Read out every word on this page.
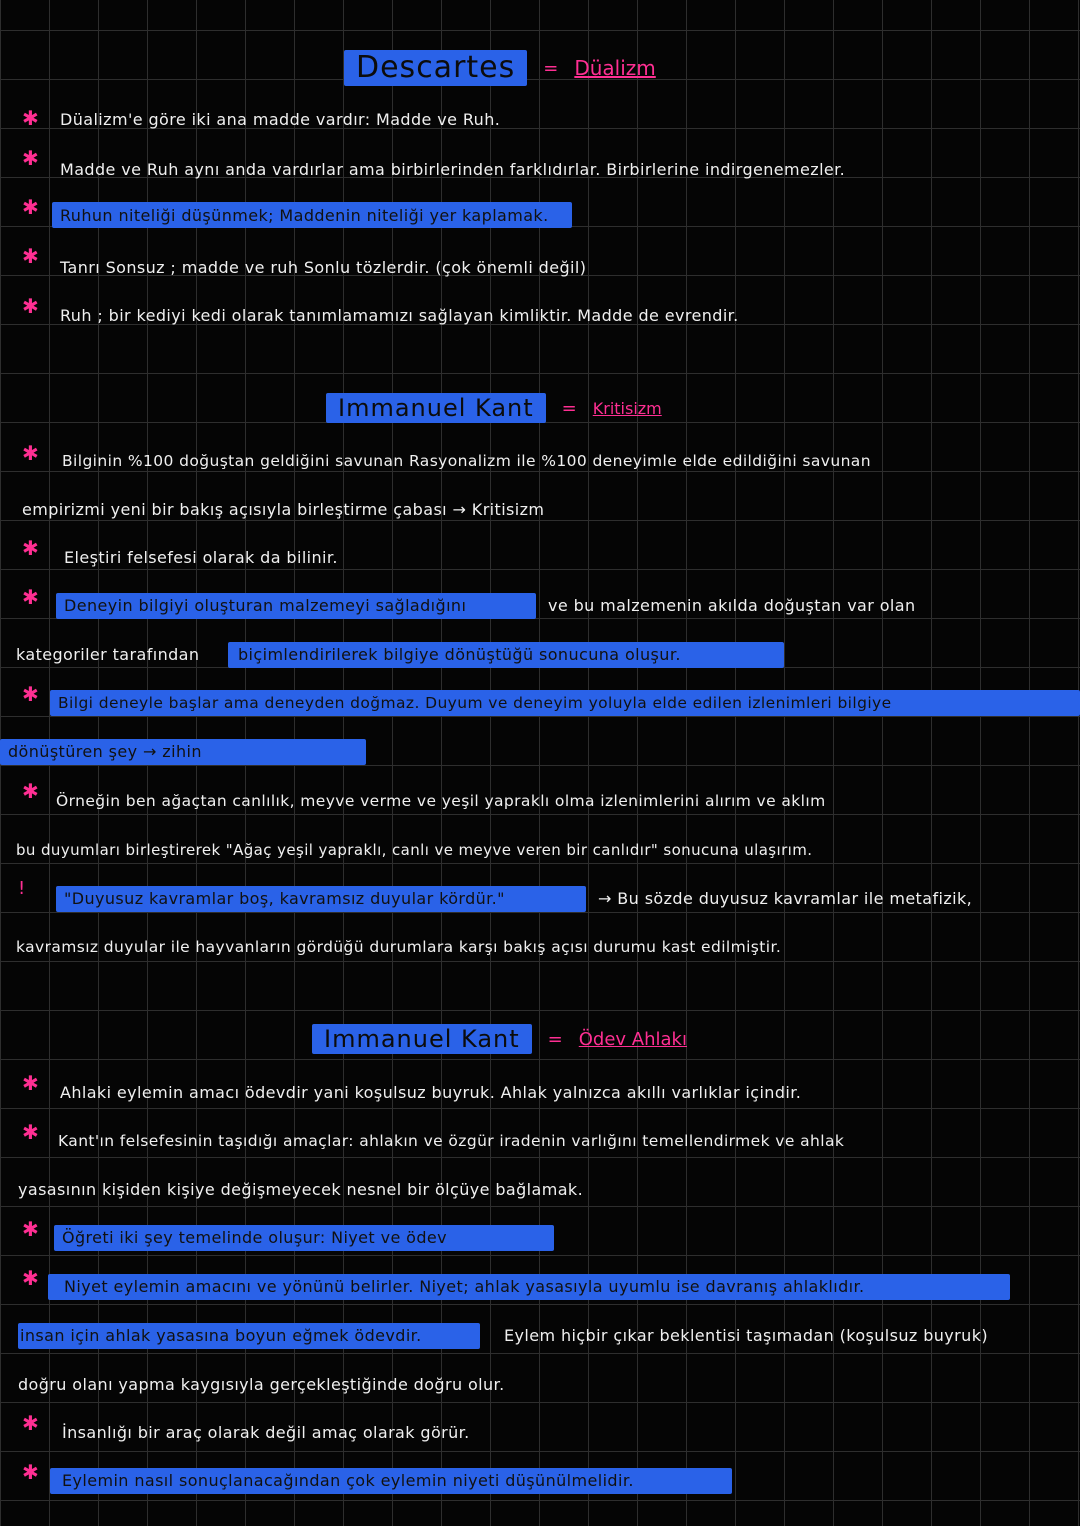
Descartes	= Düalizm
✱ Düalizm'e göre iki ana madde vardır: Madde ve Ruh.
✱ Madde ve Ruh aynı anda vardırlar ama birbirlerinden farklıdırlar. Birbirlerine indirgenemezler.
✱ Ruhun niteliği düşünmek; Maddenin niteliği yer kaplamak.
✱ Tanrı Sonsuz ; madde ve ruh Sonlu tözlerdir. (çok önemli değil)
✱ Ruh ; bir kediyi kedi olarak tanımlamamızı sağlayan kimliktir. Madde de evrendir.
Immanuel Kant	= Kritisizm
✱ Bilginin %100 doğuştan geldiğini savunan Rasyonalizm ile %100 deneyimle elde edildiğini savunan
empirizmi yeni bir bakış açısıyla birleştirme çabası → Kritisizm
✱ Eleştiri felsefesi olarak da bilinir.
✱ Deneyin bilgiyi oluşturan malzemeyi sağladığını	ve bu malzemenin akılda doğuştan var olan
kategoriler tarafından biçimlendirilerek bilgiye dönüştüğü sonucuna oluşur.
✱ Bilgi deneyle başlar ama deneyden doğmaz. Duyum ve deneyim yoluyla elde edilen izlenimleri bilgiye
dönüştüren şey → zihin
✱ Örneğin ben ağaçtan canlılık, meyve verme ve yeşil yapraklı olma izlenimlerini alırım ve aklım
bu duyumları birleştirerek "Ağaç yeşil yapraklı, canlı ve meyve veren bir canlıdır" sonucuna ulaşırım.
! "Duyusuz kavramlar boş, kavramsız duyular kördür."	→ Bu sözde duyusuz kavramlar ile metafizik,
kavramsız duyular ile hayvanların gördüğü durumlara karşı bakış açısı durumu kast edilmiştir.
Immanuel Kant	= Ödev Ahlakı
✱ Ahlaki eylemin amacı ödevdir yani koşulsuz buyruk. Ahlak yalnızca akıllı varlıklar içindir.
✱ Kant'ın felsefesinin taşıdığı amaçlar: ahlakın ve özgür iradenin varlığını temellendirmek ve ahlak
yasasının kişiden kişiye değişmeyecek nesnel bir ölçüye bağlamak.
✱ Öğreti iki şey temelinde oluşur: Niyet ve ödev
✱ Niyet eylemin amacını ve yönünü belirler. Niyet; ahlak yasasıyla uyumlu ise davranış ahlaklıdır.
insan için ahlak yasasına boyun eğmek ödevdir.	Eylem hiçbir çıkar beklentisi taşımadan (koşulsuz buyruk)
doğru olanı yapma kaygısıyla gerçekleştiğinde doğru olur.
✱ İnsanlığı bir araç olarak değil amaç olarak görür.
✱ Eylemin nasıl sonuçlanacağından çok eylemin niyeti düşünülmelidir.
